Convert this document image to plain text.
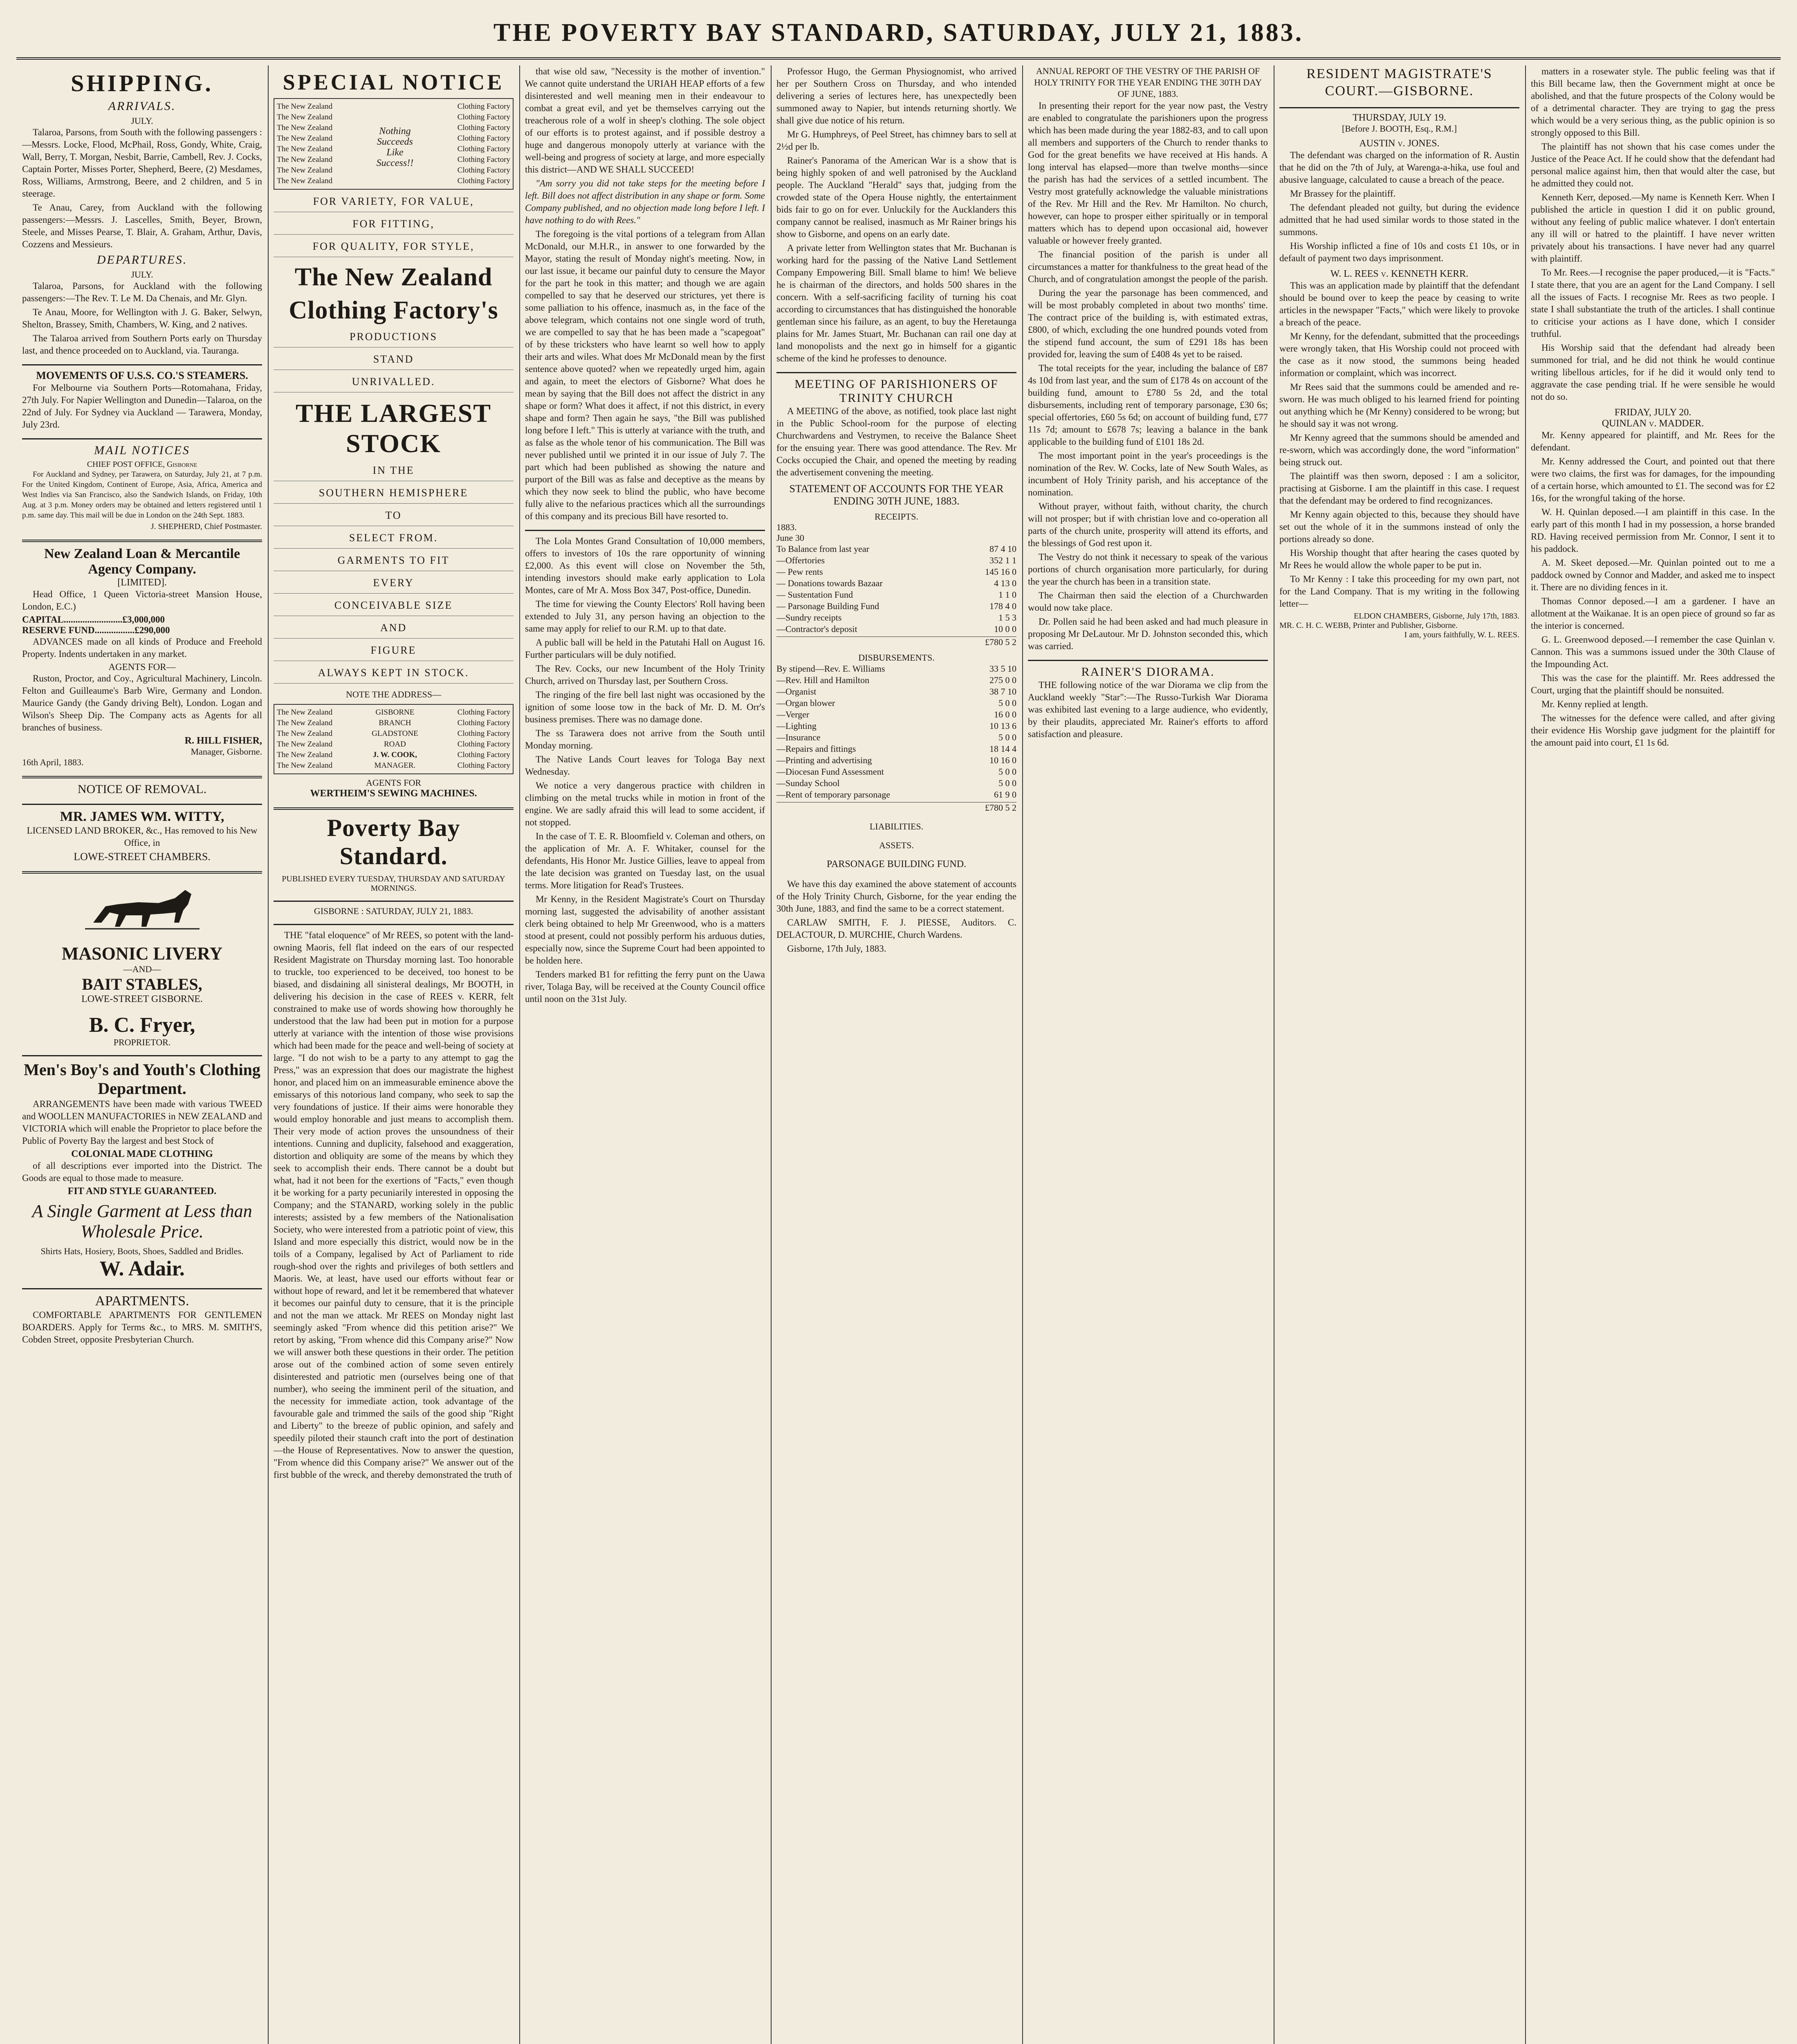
THE POVERTY BAY STANDARD, SATURDAY, JULY 21, 1883.
SHIPPING.
ARRIVALS.
JULY.

Talaroa, Parsons, from South with the following passengers :—Messrs. Locke, Flood, McPhail, Ross, Gondy, White, Craig, Wall, Berry, T. Morgan, Nesbit, Barrie, Cambell, Rev. J. Cocks, Captain Porter, Misses Porter, Shepherd, Beere, (2) Mesdames, Ross, Williams, Armstrong, Beere, and 2 children, and 5 in steerage.

Te Anau, Carey, from Auckland with the following passengers:—Messrs. J. Lascelles, Smith, Beyer, Brown, Steele, and Misses Pearse, T. Blair, A. Graham, Arthur, Davis, Cozzens and Messieurs.

DEPARTURES.
JULY.

Talaroa, Parsons, for Auckland with the following passengers:—The Rev. T. Le M. Da Chenais, and Mr. Glyn.

Te Anau, Moore, for Wellington with J. G. Baker, Selwyn, Shelton, Brassey, Smith, Chambers, W. King, and 2 natives.

The Talaroa arrived from Southern Ports early on Thursday last, and thence proceeded on to Auckland, via. Tauranga.

MOVEMENTS OF U.S.S. CO.'S STEAMERS.

For Melbourne via Southern Ports—Rotomahana, Friday, 27th July. For Napier Wellington and Dunedin—Talaroa, on the 22nd of July. For Sydney via Auckland — Tarawera, Monday, July 23rd.

MAIL NOTICES
CHIEF POST OFFICE, Gisborne

For Auckland and Sydney, per Tarawera, on Saturday, July 21, at 7 p.m. For the United Kingdom, Continent of Europe, Asia, Africa, America and West Indies via San Francisco, also the Sandwich Islands, on Friday, 10th Aug. at 3 p.m. Money orders may be obtained and letters registered until 1 p.m. same day. This mail will be due in London on the 24th Sept. 1883.

J. SHEPHERD, Chief Postmaster.
New Zealand Loan & Mercantile Agency Company.
[LIMITED].

Head Office, 1 Queen Victoria-street Mansion House, London, E.C.)

CAPITAL.........................£3,000,000
RESERVE FUND.................£290,000

ADVANCES made on all kinds of Produce and Freehold Property. Indents undertaken in any market.

AGENTS FOR—

Ruston, Proctor, and Coy., Agricultural Machinery, Lincoln. Felton and Guilleaume's Barb Wire, Germany and London. Maurice Gandy (the Gandy driving Belt), London. Logan and Wilson's Sheep Dip. The Company acts as Agents for all branches of business.

R. HILL FISHER,
Manager, Gisborne.
16th April, 1883.
NOTICE OF REMOVAL.
MR. JAMES WM. WITTY,

LICENSED LAND BROKER, &c., Has removed to his New Office, in

LOWE-STREET CHAMBERS.
MASONIC LIVERY
—AND—
BAIT STABLES,
LOWE-STREET GISBORNE.
B. C. Fryer,
PROPRIETOR.
Men's Boy's and Youth's Clothing Department.

ARRANGEMENTS have been made with various TWEED and WOOLLEN MANUFACTORIES in NEW ZEALAND and VICTORIA which will enable the Proprietor to place before the Public of Poverty Bay the largest and best Stock of

COLONIAL MADE CLOTHING

of all descriptions ever imported into the District. The Goods are equal to those made to measure.

FIT AND STYLE GUARANTEED.
A Single Garment at Less than Wholesale Price.
Shirts Hats, Hosiery, Boots, Shoes, Saddled and Bridles.
W. Adair.
APARTMENTS.

COMFORTABLE APARTMENTS FOR GENTLEMEN BOARDERS. Apply for Terms &c., to MRS. M. SMITH'S, Cobden Street, opposite Presbyterian Church.

SPECIAL NOTICE
The New Zealand
The New Zealand
The New Zealand
The New Zealand
The New Zealand
The New Zealand
The New Zealand
The New Zealand
Nothing Succeeds Like Success!!
Clothing Factory
Clothing Factory
Clothing Factory
Clothing Factory
Clothing Factory
Clothing Factory
Clothing Factory
Clothing Factory
FOR VARIETY, FOR VALUE,
FOR FITTING,
FOR QUALITY, FOR STYLE,
The New Zealand
Clothing Factory's
PRODUCTIONS
STAND
UNRIVALLED.
THE LARGEST STOCK
IN THE
SOUTHERN HEMISPHERE
TO
SELECT FROM.
GARMENTS TO FIT
EVERY
CONCEIVABLE SIZE
AND
FIGURE
ALWAYS KEPT IN STOCK.
NOTE THE ADDRESS—
The New Zealand
The New Zealand
The New Zealand
The New Zealand
The New Zealand
The New Zealand
GISBORNE
BRANCH
GLADSTONE
ROAD
J. W. COOK,
MANAGER.
Clothing Factory
Clothing Factory
Clothing Factory
Clothing Factory
Clothing Factory
Clothing Factory
AGENTS FOR
WERTHEIM'S SEWING MACHINES.
Poverty Bay Standard.
PUBLISHED EVERY TUESDAY, THURSDAY AND SATURDAY MORNINGS.
GISBORNE : SATURDAY, JULY 21, 1883.

THE "fatal eloquence" of Mr REES, so potent with the land-owning Maoris, fell flat indeed on the ears of our respected Resident Magistrate on Thursday morning last. Too honorable to truckle, too experienced to be deceived, too honest to be biased, and disdaining all sinisteral dealings, Mr BOOTH, in delivering his decision in the case of REES v. KERR, felt constrained to make use of words showing how thoroughly he understood that the law had been put in motion for a purpose utterly at variance with the intention of those wise provisions which had been made for the peace and well-being of society at large. "I do not wish to be a party to any attempt to gag the Press," was an expression that does our magistrate the highest honor, and placed him on an immeasurable eminence above the emissarys of this notorious land company, who seek to sap the very foundations of justice. If their aims were honorable they would employ honorable and just means to accomplish them. Their very mode of action proves the unsoundness of their intentions. Cunning and duplicity, falsehood and exaggeration, distortion and obliquity are some of the means by which they seek to accomplish their ends. There cannot be a doubt but what, had it not been for the exertions of "Facts," even though it be working for a party pecuniarily interested in opposing the Company; and the STANARD, working solely in the public interests; assisted by a few members of the Nationalisation Society, who were interested from a patriotic point of view, this Island and more especially this district, would now be in the toils of a Company, legalised by Act of Parliament to ride rough-shod over the rights and privileges of both settlers and Maoris. We, at least, have used our efforts without fear or without hope of reward, and let it be remembered that whatever it becomes our painful duty to censure, that it is the principle and not the man we attack. Mr REES on Monday night last seemingly asked "From whence did this petition arise?" We retort by asking, "From whence did this Company arise?" Now we will answer both these questions in their order. The petition arose out of the combined action of some seven entirely disinterested and patriotic men (ourselves being one of that number), who seeing the imminent peril of the situation, and the necessity for immediate action, took advantage of the favourable gale and trimmed the sails of the good ship "Right and Liberty" to the breeze of public opinion, and safely and speedily piloted their staunch craft into the port of destination—the House of Representatives. Now to answer the question, "From whence did this Company arise?" We answer out of the first bubble of the wreck, and thereby demonstrated the truth of

that wise old saw, "Necessity is the mother of invention." We cannot quite understand the URIAH HEAP efforts of a few disinterested and well meaning men in their endeavour to combat a great evil, and yet be themselves carrying out the treacherous role of a wolf in sheep's clothing. The sole object of our efforts is to protest against, and if possible destroy a huge and dangerous monopoly utterly at variance with the well-being and progress of society at large, and more especially this district—AND WE SHALL SUCCEED!

"Am sorry you did not take steps for the meeting before I left. Bill does not affect distribution in any shape or form. Some Company published, and no objection made long before I left. I have nothing to do with Rees."

The foregoing is the vital portions of a telegram from Allan McDonald, our M.H.R., in answer to one forwarded by the Mayor, stating the result of Monday night's meeting. Now, in our last issue, it became our painful duty to censure the Mayor for the part he took in this matter; and though we are again compelled to say that he deserved our strictures, yet there is some palliation to his offence, inasmuch as, in the face of the above telegram, which contains not one single word of truth, we are compelled to say that he has been made a "scapegoat" of by these tricksters who have learnt so well how to apply their arts and wiles. What does Mr McDonald mean by the first sentence above quoted? when we repeatedly urged him, again and again, to meet the electors of Gisborne? What does he mean by saying that the Bill does not affect the district in any shape or form? What does it affect, if not this district, in every shape and form? Then again he says, "the Bill was published long before I left." This is utterly at variance with the truth, and as false as the whole tenor of his communication. The Bill was never published until we printed it in our issue of July 7. The part which had been published as showing the nature and purport of the Bill was as false and deceptive as the means by which they now seek to blind the public, who have become fully alive to the nefarious practices which all the surroundings of this company and its precious Bill have resorted to.

The Lola Montes Grand Consultation of 10,000 members, offers to investors of 10s the rare opportunity of winning £2,000. As this event will close on November the 5th, intending investors should make early application to Lola Montes, care of Mr A. Moss Box 347, Post-office, Dunedin.

The time for viewing the County Electors' Roll having been extended to July 31, any person having an objection to the same may apply for relief to our R.M. up to that date.

A public ball will be held in the Patutahi Hall on August 16. Further particulars will be duly notified.

The Rev. Cocks, our new Incumbent of the Holy Trinity Church, arrived on Thursday last, per Southern Cross.

The ringing of the fire bell last night was occasioned by the ignition of some loose tow in the back of Mr. D. M. Orr's business premises. There was no damage done.

The ss Tarawera does not arrive from the South until Monday morning.

The Native Lands Court leaves for Tologa Bay next Wednesday.

We notice a very dangerous practice with children in climbing on the metal trucks while in motion in front of the engine. We are sadly afraid this will lead to some accident, if not stopped.

In the case of T. E. R. Bloomfield v. Coleman and others, on the application of Mr. A. F. Whitaker, counsel for the defendants, His Honor Mr. Justice Gillies, leave to appeal from the late decision was granted on Tuesday last, on the usual terms. More litigation for Read's Trustees.

Mr Kenny, in the Resident Magistrate's Court on Thursday morning last, suggested the advisability of another assistant clerk being obtained to help Mr Greenwood, who is a matters stood at present, could not possibly perform his arduous duties, especially now, since the Supreme Court had been appointed to be holden here.

Tenders marked B1 for refitting the ferry punt on the Uawa river, Tolaga Bay, will be received at the County Council office until noon on the 31st July.

Professor Hugo, the German Physiognomist, who arrived her per Southern Cross on Thursday, and who intended delivering a series of lectures here, has unexpectedly been summoned away to Napier, but intends returning shortly. We shall give due notice of his return.

Mr G. Humphreys, of Peel Street, has chimney bars to sell at 2½d per lb.

Rainer's Panorama of the American War is a show that is being highly spoken of and well patronised by the Auckland people. The Auckland "Herald" says that, judging from the crowded state of the Opera House nightly, the entertainment bids fair to go on for ever. Unluckily for the Aucklanders this company cannot be realised, inasmuch as Mr Rainer brings his show to Gisborne, and opens on an early date.

A private letter from Wellington states that Mr. Buchanan is working hard for the passing of the Native Land Settlement Company Empowering Bill. Small blame to him! We believe he is chairman of the directors, and holds 500 shares in the concern. With a self-sacrificing facility of turning his coat according to circumstances that has distinguished the honorable gentleman since his failure, as an agent, to buy the Heretaunga plains for Mr. James Stuart, Mr. Buchanan can rail one day at land monopolists and the next go in himself for a gigantic scheme of the kind he professes to denounce.

MEETING OF PARISHIONERS OF TRINITY CHURCH

A MEETING of the above, as notified, took place last night in the Public School-room for the purpose of electing Churchwardens and Vestrymen, to receive the Balance Sheet for the ensuing year. There was good attendance. The Rev. Mr Cocks occupied the Chair, and opened the meeting by reading the advertisement convening the meeting.

STATEMENT OF ACCOUNTS FOR THE YEAR ENDING 30TH JUNE, 1883.
RECEIPTS.
1883.
June 30
To Balance from last year	87 4 10
—Offertories	352 1 1
— Pew rents	145 16 0
— Donations towards Bazaar	4 13 0
— Sustentation Fund	1 1 0
— Parsonage Building Fund	178 4 0
—Sundry receipts	1 5 3
—Contractor's deposit	10 0 0
£780 5 2
DISBURSEMENTS.
By stipend—Rev. E. Williams	33 5 10
—Rev. Hill and Hamilton	275 0 0
—Organist	38 7 10
—Organ blower	5 0 0
—Verger	16 0 0
—Lighting	10 13 6
—Insurance	5 0 0
—Repairs and fittings	18 14 4
—Printing and advertising	10 16 0
—Diocesan Fund Assessment	5 0 0
—Sunday School	5 0 0
—Rent of temporary parsonage	61 9 0
£780 5 2
LIABILITIES.
ASSETS.
PARSONAGE BUILDING FUND.

We have this day examined the above statement of accounts of the Holy Trinity Church, Gisborne, for the year ending the 30th June, 1883, and find the same to be a correct statement.

CARLAW SMITH, F. J. PIESSE, Auditors. C. DELACTOUR, D. MURCHIE, Church Wardens.

Gisborne, 17th July, 1883.

ANNUAL REPORT OF THE VESTRY OF THE PARISH OF HOLY TRINITY FOR THE YEAR ENDING THE 30TH DAY OF JUNE, 1883.

In presenting their report for the year now past, the Vestry are enabled to congratulate the parishioners upon the progress which has been made during the year 1882-83, and to call upon all members and supporters of the Church to render thanks to God for the great benefits we have received at His hands. A long interval has elapsed—more than twelve months—since the parish has had the services of a settled incumbent. The Vestry most gratefully acknowledge the valuable ministrations of the Rev. Mr Hill and the Rev. Mr Hamilton. No church, however, can hope to prosper either spiritually or in temporal matters which has to depend upon occasional aid, however valuable or however freely granted.

The financial position of the parish is under all circumstances a matter for thankfulness to the great head of the Church, and of congratulation amongst the people of the parish.

During the year the parsonage has been commenced, and will be most probably completed in about two months' time. The contract price of the building is, with estimated extras, £800, of which, excluding the one hundred pounds voted from the stipend fund account, the sum of £291 18s has been provided for, leaving the sum of £408 4s yet to be raised.

The total receipts for the year, including the balance of £87 4s 10d from last year, and the sum of £178 4s on account of the building fund, amount to £780 5s 2d, and the total disbursements, including rent of temporary parsonage, £30 6s; special offertories, £60 5s 6d; on account of building fund, £77 11s 7d; amount to £678 7s; leaving a balance in the bank applicable to the building fund of £101 18s 2d.

The most important point in the year's proceedings is the nomination of the Rev. W. Cocks, late of New South Wales, as incumbent of Holy Trinity parish, and his acceptance of the nomination.

Without prayer, without faith, without charity, the church will not prosper; but if with christian love and co-operation all parts of the church unite, prosperity will attend its efforts, and the blessings of God rest upon it.

The Vestry do not think it necessary to speak of the various portions of church organisation more particularly, for during the year the church has been in a transition state.

The Chairman then said the election of a Churchwarden would now take place.

Dr. Pollen said he had been asked and had much pleasure in proposing Mr DeLautour. Mr D. Johnston seconded this, which was carried.

RAINER'S DIORAMA.

THE following notice of the war Diorama we clip from the Auckland weekly "Star":—The Russo-Turkish War Diorama was exhibited last evening to a large audience, who evidently, by their plaudits, appreciated Mr. Rainer's efforts to afford satisfaction and pleasure.

RESIDENT MAGISTRATE'S COURT.—GISBORNE.
THURSDAY, JULY 19.
[Before J. BOOTH, Esq., R.M.]
AUSTIN v. JONES.

The defendant was charged on the information of R. Austin that he did on the 7th of July, at Warenga-a-hika, use foul and abusive language, calculated to cause a breach of the peace.

Mr Brassey for the plaintiff.

The defendant pleaded not guilty, but during the evidence admitted that he had used similar words to those stated in the summons.

His Worship inflicted a fine of 10s and costs £1 10s, or in default of payment two days imprisonment.

W. L. REES v. KENNETH KERR.

This was an application made by plaintiff that the defendant should be bound over to keep the peace by ceasing to write articles in the newspaper "Facts," which were likely to provoke a breach of the peace.

Mr Kenny, for the defendant, submitted that the proceedings were wrongly taken, that His Worship could not proceed with the case as it now stood, the summons being headed information or complaint, which was incorrect.

Mr Rees said that the summons could be amended and re-sworn. He was much obliged to his learned friend for pointing out anything which he (Mr Kenny) considered to be wrong; but he should say it was not wrong.

Mr Kenny agreed that the summons should be amended and re-sworn, which was accordingly done, the word "information" being struck out.

The plaintiff was then sworn, deposed : I am a solicitor, practising at Gisborne. I am the plaintiff in this case. I request that the defendant may be ordered to find recognizances.

Mr Kenny again objected to this, because they should have set out the whole of it in the summons instead of only the portions already so done.

His Worship thought that after hearing the cases quoted by Mr Rees he would allow the whole paper to be put in.

To Mr Kenny : I take this proceeding for my own part, not for the Land Company. That is my writing in the following letter—

ELDON CHAMBERS, Gisborne, July 17th, 1883.
MR. C. H. C. WEBB, Printer and Publisher, Gisborne.
I am, yours faithfully, W. L. REES.

matters in a rosewater style. The public feeling was that if this Bill became law, then the Government might at once be abolished, and that the future prospects of the Colony would be of a detrimental character. They are trying to gag the press which would be a very serious thing, as the public opinion is so strongly opposed to this Bill.

The plaintiff has not shown that his case comes under the Justice of the Peace Act. If he could show that the defendant had personal malice against him, then that would alter the case, but he admitted they could not.

Kenneth Kerr, deposed.—My name is Kenneth Kerr. When I published the article in question I did it on public ground, without any feeling of public malice whatever. I don't entertain any ill will or hatred to the plaintiff. I have never written privately about his transactions. I have never had any quarrel with plaintiff.

To Mr. Rees.—I recognise the paper produced,—it is "Facts." I state there, that you are an agent for the Land Company. I sell all the issues of Facts. I recognise Mr. Rees as two people. I state I shall substantiate the truth of the articles. I shall continue to criticise your actions as I have done, which I consider truthful.

His Worship said that the defendant had already been summoned for trial, and he did not think he would continue writing libellous articles, for if he did it would only tend to aggravate the case pending trial. If he were sensible he would not do so.

FRIDAY, JULY 20.
QUINLAN v. MADDER.

Mr. Kenny appeared for plaintiff, and Mr. Rees for the defendant.

Mr. Kenny addressed the Court, and pointed out that there were two claims, the first was for damages, for the impounding of a certain horse, which amounted to £1. The second was for £2 16s, for the wrongful taking of the horse.

W. H. Quinlan deposed.—I am plaintiff in this case. In the early part of this month I had in my possession, a horse branded RD. Having received permission from Mr. Connor, I sent it to his paddock.

A. M. Skeet deposed.—Mr. Quinlan pointed out to me a paddock owned by Connor and Madder, and asked me to inspect it. There are no dividing fences in it.

Thomas Connor deposed.—I am a gardener. I have an allotment at the Waikanae. It is an open piece of ground so far as the interior is concerned.

G. L. Greenwood deposed.—I remember the case Quinlan v. Cannon. This was a summons issued under the 30th Clause of the Impounding Act.

This was the case for the plaintiff. Mr. Rees addressed the Court, urging that the plaintiff should be nonsuited.

Mr. Kenny replied at length.

The witnesses for the defence were called, and after giving their evidence His Worship gave judgment for the plaintiff for the amount paid into court, £1 1s 6d.
